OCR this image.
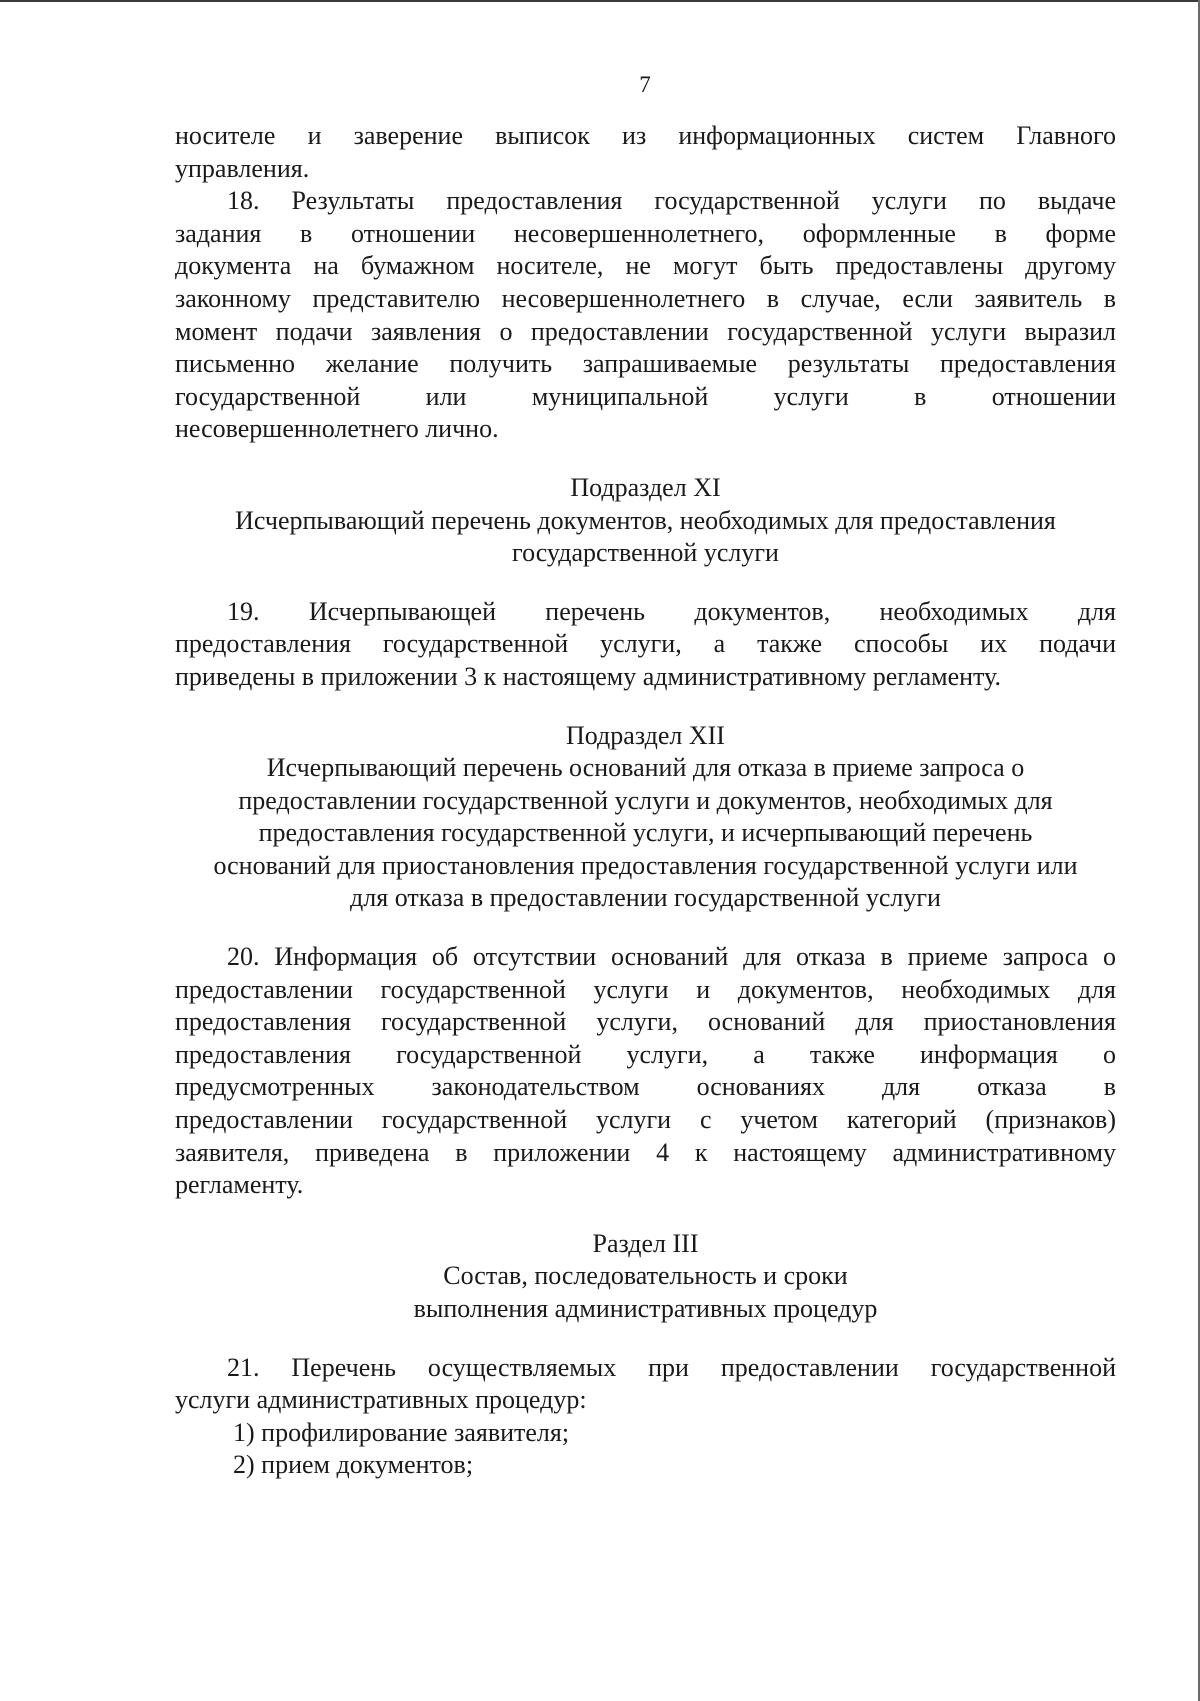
7
носителе и заверение выписок из информационных систем Главного
управления.
18. Результаты предоставления государственной услуги по выдаче
задания в отношении несовершеннолетнего, оформленные в форме
документа на бумажном носителе, не могут быть предоставлены другому
законному представителю несовершеннолетнего в случае, если заявитель в
момент подачи заявления о предоставлении государственной услуги выразил
письменно желание получить запрашиваемые результаты предоставления
государственной или муниципальной услуги в отношении
несовершеннолетнего лично.
Подраздел XI
Исчерпывающий перечень документов, необходимых для предоставления
государственной услуги
19. Исчерпывающей перечень документов, необходимых для
предоставления государственной услуги, а также способы их подачи
приведены в приложении 3 к настоящему административному регламенту.
Подраздел XII
Исчерпывающий перечень оснований для отказа в приеме запроса о
предоставлении государственной услуги и документов, необходимых для
предоставления государственной услуги, и исчерпывающий перечень
оснований для приостановления предоставления государственной услуги или
для отказа в предоставлении государственной услуги
20. Информация об отсутствии оснований для отказа в приеме запроса о
предоставлении государственной услуги и документов, необходимых для
предоставления государственной услуги, оснований для приостановления
предоставления государственной услуги, а также информация о
предусмотренных законодательством основаниях для отказа в
предоставлении государственной услуги с учетом категорий (признаков)
заявителя, приведена в приложении 4 к настоящему административному
регламенту.
Раздел III
Состав, последовательность и сроки
выполнения административных процедур
21. Перечень осуществляемых при предоставлении государственной
услуги административных процедур:
1) профилирование заявителя;
2) прием документов;
